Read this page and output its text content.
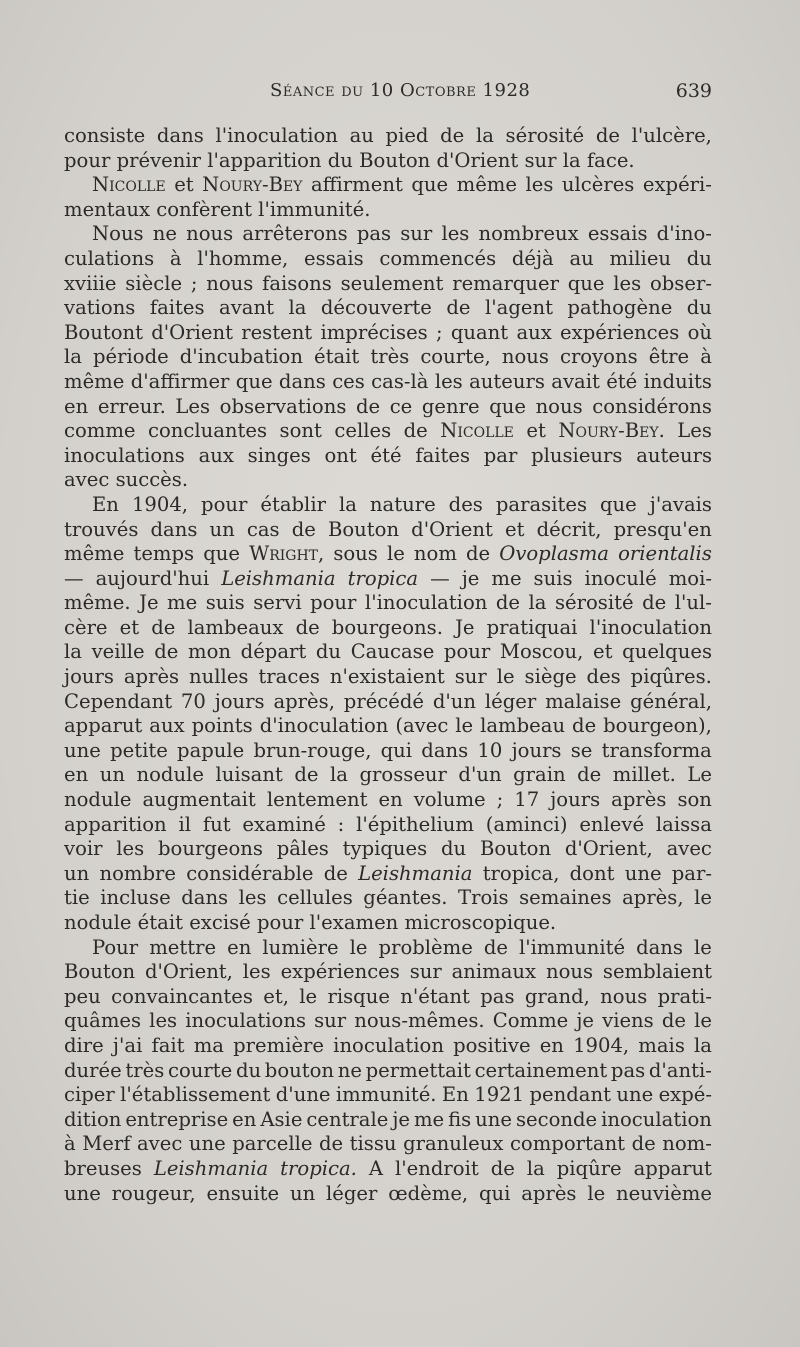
Séance du 10 Octobre 1928	639
consiste dans l'inoculation au pied de la sérosité de l'ulcère,
pour prévenir l'apparition du Bouton d'Orient sur la face.
Nicolle et Noury-Bey affirment que même les ulcères expéri-
mentaux confèrent l'immunité.
Nous ne nous arrêterons pas sur les nombreux essais d'ino-
culations à l'homme, essais commencés déjà au milieu du
xviiie siècle ; nous faisons seulement remarquer que les obser-
vations faites avant la découverte de l'agent pathogène du
Boutont d'Orient restent imprécises ; quant aux expériences où
la période d'incubation était très courte, nous croyons être à
même d'affirmer que dans ces cas-là les auteurs avait été induits
en erreur. Les observations de ce genre que nous considérons
comme concluantes sont celles de Nicolle et Noury-Bey. Les
inoculations aux singes ont été faites par plusieurs auteurs
avec succès.
En 1904, pour établir la nature des parasites que j'avais
trouvés dans un cas de Bouton d'Orient et décrit, presqu'en
même temps que Wright, sous le nom de Ovoplasma orientalis
— aujourd'hui Leishmania tropica — je me suis inoculé moi-
même. Je me suis servi pour l'inoculation de la sérosité de l'ul-
cère et de lambeaux de bourgeons. Je pratiquai l'inoculation
la veille de mon départ du Caucase pour Moscou, et quelques
jours après nulles traces n'existaient sur le siège des piqûres.
Cependant 70 jours après, précédé d'un léger malaise général,
apparut aux points d'inoculation (avec le lambeau de bourgeon),
une petite papule brun-rouge, qui dans 10 jours se transforma
en un nodule luisant de la grosseur d'un grain de millet. Le
nodule augmentait lentement en volume ; 17 jours après son
apparition il fut examiné : l'épithelium (aminci) enlevé laissa
voir les bourgeons pâles typiques du Bouton d'Orient, avec
un nombre considérable de Leishmania tropica, dont une par-
tie incluse dans les cellules géantes. Trois semaines après, le
nodule était excisé pour l'examen microscopique.
Pour mettre en lumière le problème de l'immunité dans le
Bouton d'Orient, les expériences sur animaux nous semblaient
peu convaincantes et, le risque n'étant pas grand, nous prati-
quâmes les inoculations sur nous-mêmes. Comme je viens de le
dire j'ai fait ma première inoculation positive en 1904, mais la
durée très courte du bouton ne permettait certainement pas d'anti-
ciper l'établissement d'une immunité. En 1921 pendant une expé-
dition entreprise en Asie centrale je me fis une seconde inoculation
à Merf avec une parcelle de tissu granuleux comportant de nom-
breuses Leishmania tropica. A l'endroit de la piqûre apparut
une rougeur, ensuite un léger œdème, qui après le neuvième
